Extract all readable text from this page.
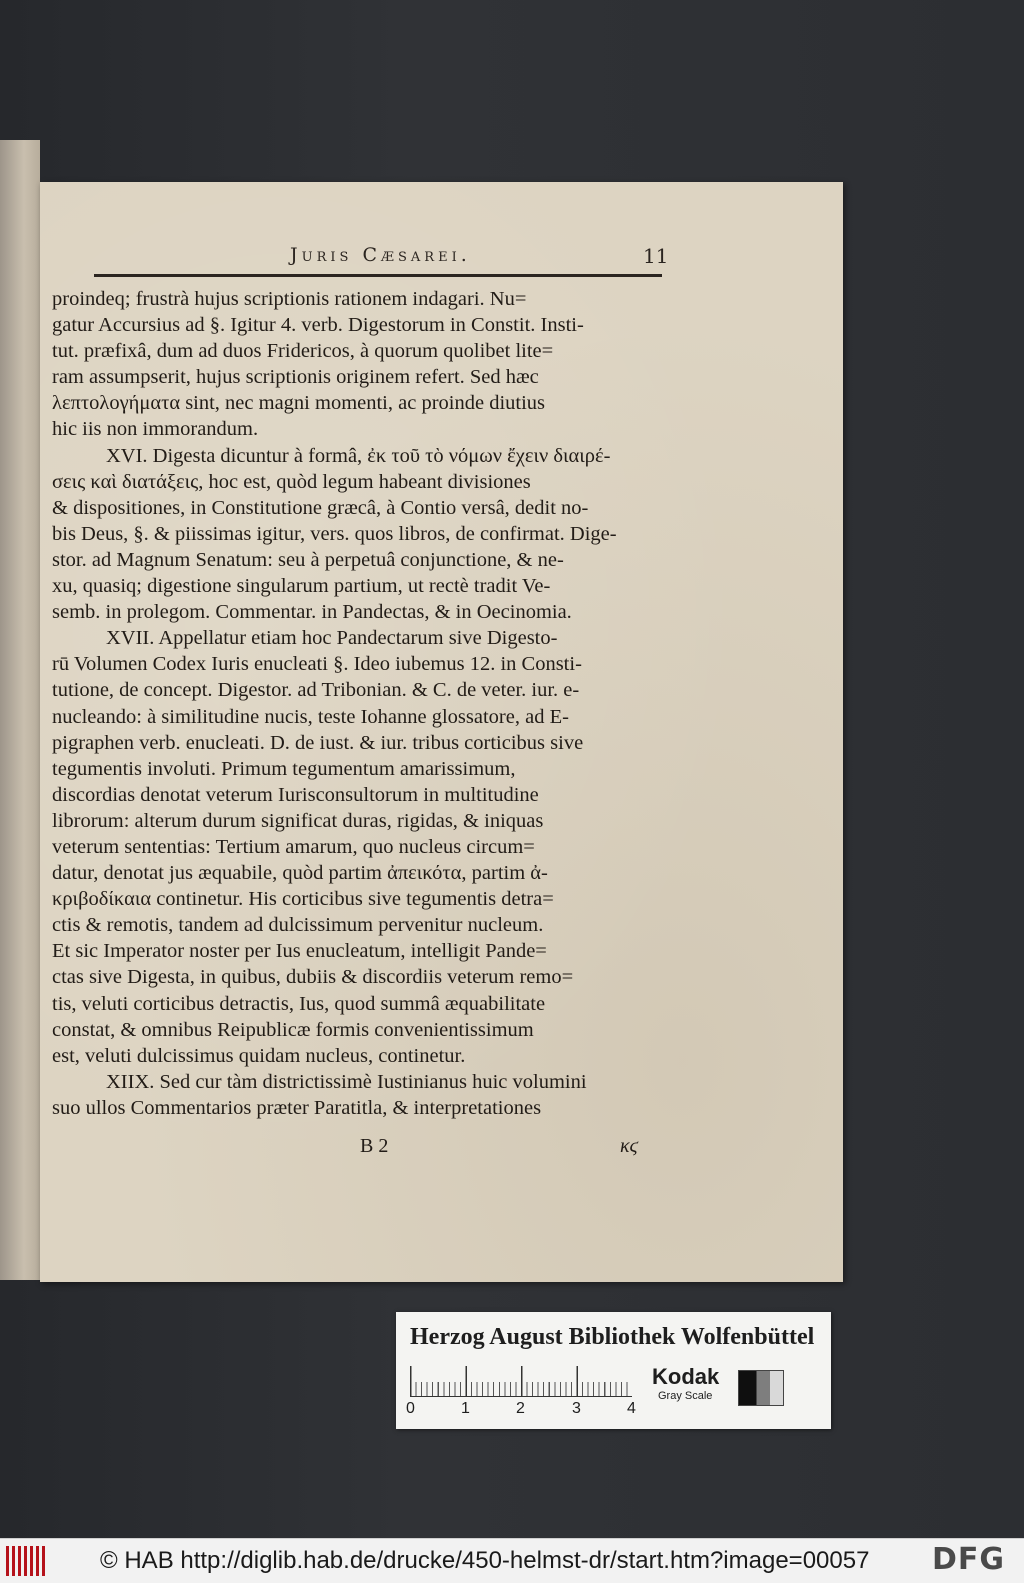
Juris Cæsarei.	11
proindeq; frustrà hujus scriptionis rationem indagari. Nu=
gatur Accursius ad §. Igitur 4. verb. Digestorum in Constit. Insti-
tut. præfixâ, dum ad duos Fridericos, à quorum quolibet lite=
ram assumpserit, hujus scriptionis originem refert. Sed hæc
λεπτολογήματα sint, nec magni momenti, ac proinde diutius
hic iis non immorandum.
XVI. Digesta dicuntur à formâ, ἐκ τοῦ τὸ νόμων ἔχειν διαιρέ-
σεις καὶ διατάξεις, hoc est, quòd legum habeant divisiones
& dispositiones, in Constitutione græcâ, à Contio versâ, dedit no-
bis Deus, §. & piissimas igitur, vers. quos libros, de confirmat. Dige-
stor. ad Magnum Senatum: seu à perpetuâ conjunctione, & ne-
xu, quasiq; digestione singularum partium, ut rectè tradit Ve-
semb. in prolegom. Commentar. in Pandectas, & in Oecinomia.
XVII. Appellatur etiam hoc Pandectarum sive Digesto-
rū Volumen Codex Iuris enucleati §. Ideo iubemus 12. in Consti-
tutione, de concept. Digestor. ad Tribonian. & C. de veter. iur. e-
nucleando: à similitudine nucis, teste Iohanne glossatore, ad E-
pigraphen verb. enucleati. D. de iust. & iur. tribus corticibus sive
tegumentis involuti. Primum tegumentum amarissimum,
discordias denotat veterum Iurisconsultorum in multitudine
librorum: alterum durum significat duras, rigidas, & iniquas
veterum sententias: Tertium amarum, quo nucleus circum=
datur, denotat jus æquabile, quòd partim ἀπεικότα, partim ἀ-
κριβοδίκαια continetur. His corticibus sive tegumentis detra=
ctis & remotis, tandem ad dulcissimum pervenitur nucleum.
Et sic Imperator noster per Ius enucleatum, intelligit Pande=
ctas sive Digesta, in quibus, dubiis & discordiis veterum remo=
tis, veluti corticibus detractis, Ius, quod summâ æquabilitate
constat, & omnibus Reipublicæ formis convenientissimum
est, veluti dulcissimus quidam nucleus, continetur.
XIIX. Sed cur tàm districtissimè Iustinianus huic volumini
suo ullos Commentarios præter Paratitla, & interpretationes
B 2	κϛ
Herzog August Bibliothek Wolfenbüttel
0	1	2	3	4
Kodak
Gray Scale
© HAB http://diglib.hab.de/drucke/450-helmst-dr/start.htm?image=00057 DFG
